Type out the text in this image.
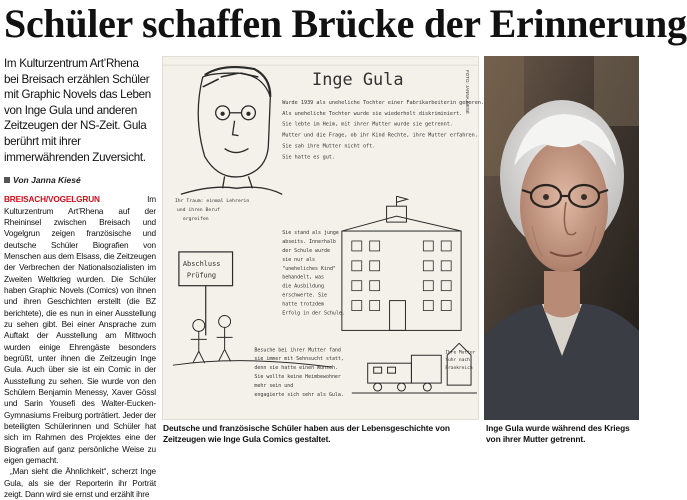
Schüler schaffen Brücke der Erinnerung

Im Kulturzentrum Art’Rhena bei Breisach erzählen Schüler mit Graphic Novels das Leben von Inge Gula und anderen Zeitzeugen der NS-Zeit. Gula berührt mit ihrer immerwährenden Zuversicht.

Von Janna Kiesé

BREISACH/VOGELGRUN Im Kulturzentrum Art’Rhena auf der Rheininsel zwischen Breisach und Vogelgrun zeigen französische und deutsche Schüler Biografien von Menschen aus dem Elsass, die Zeitzeugen der Verbrechen der Nationalsozialisten im Zweiten Weltkrieg wurden. Die Schüler haben Graphic Novels (Comics) von ihnen und ihren Geschichten erstellt (die BZ berichtete), die es nun in einer Ausstellung zu sehen gibt. Bei einer Ansprache zum Auftakt der Ausstellung am Mittwoch wurden einige Ehrengäste besonders begrüßt, unter ihnen die Zeitzeugin Inge Gula. Auch über sie ist ein Comic in der Ausstellung zu sehen. Sie wurde von den Schülern Benjamin Menessy, Xaver Gössl und Sarin Yousefi des Walter-Eucken-Gymnasiums Freiburg porträtiert. Jeder der beteiligten Schülerinnen und Schüler hat sich im Rahmen des Projektes eine der Biografien auf ganz persönliche Weise zu eigen gemacht.

„Man sieht die Ähnlichkeit“, scherzt Inge Gula, als sie der Reporterin ihr Porträt zeigt. Dann wird sie ernst und erzählt ihre

Inge Gula
Wurde 1939 als uneheliche Tochter einer Fabrikarbeiterin geboren.
Als uneheliche Tochter wurde sie wiederholt diskriminiert.
Sie lebte im Heim, mit ihrer Mutter wurde sie getrennt.
Mutter und die Frage, ob ihr Kind Rechte, ihre Mutter erfahren.
Sie sah ihre Mutter nicht oft.
Sie hatte es gut.
Ihr Traum: einmal Lehrerin
und ihren Beruf
ergreifen
Sie stand als junge
abseits. Innerhalb
der Schule wurde
sie nur als
"uneheliches Kind"
behandelt, was
die Ausbildung
erschwerte. Sie
hatte trotzdem
Erfolg in der Schule.
Abschluss
Prüfung
Besuche bei ihrer Mutter fand
sie immer mit Sehnsucht statt,
denn sie hatte einen Wunsch.
Sie wollte keine Heimbewohner
mehr sein und
engagierte sich sehr als Gula.
Ihre Mutter
fuhr nach
Frankreich
FOTO: JANNA KIESÉ

Deutsche und französische Schüler haben aus der Lebensgeschichte von Zeitzeugen wie Inge Gula Comics gestaltet.

Inge Gula wurde während des Kriegs von ihrer Mutter getrennt.
